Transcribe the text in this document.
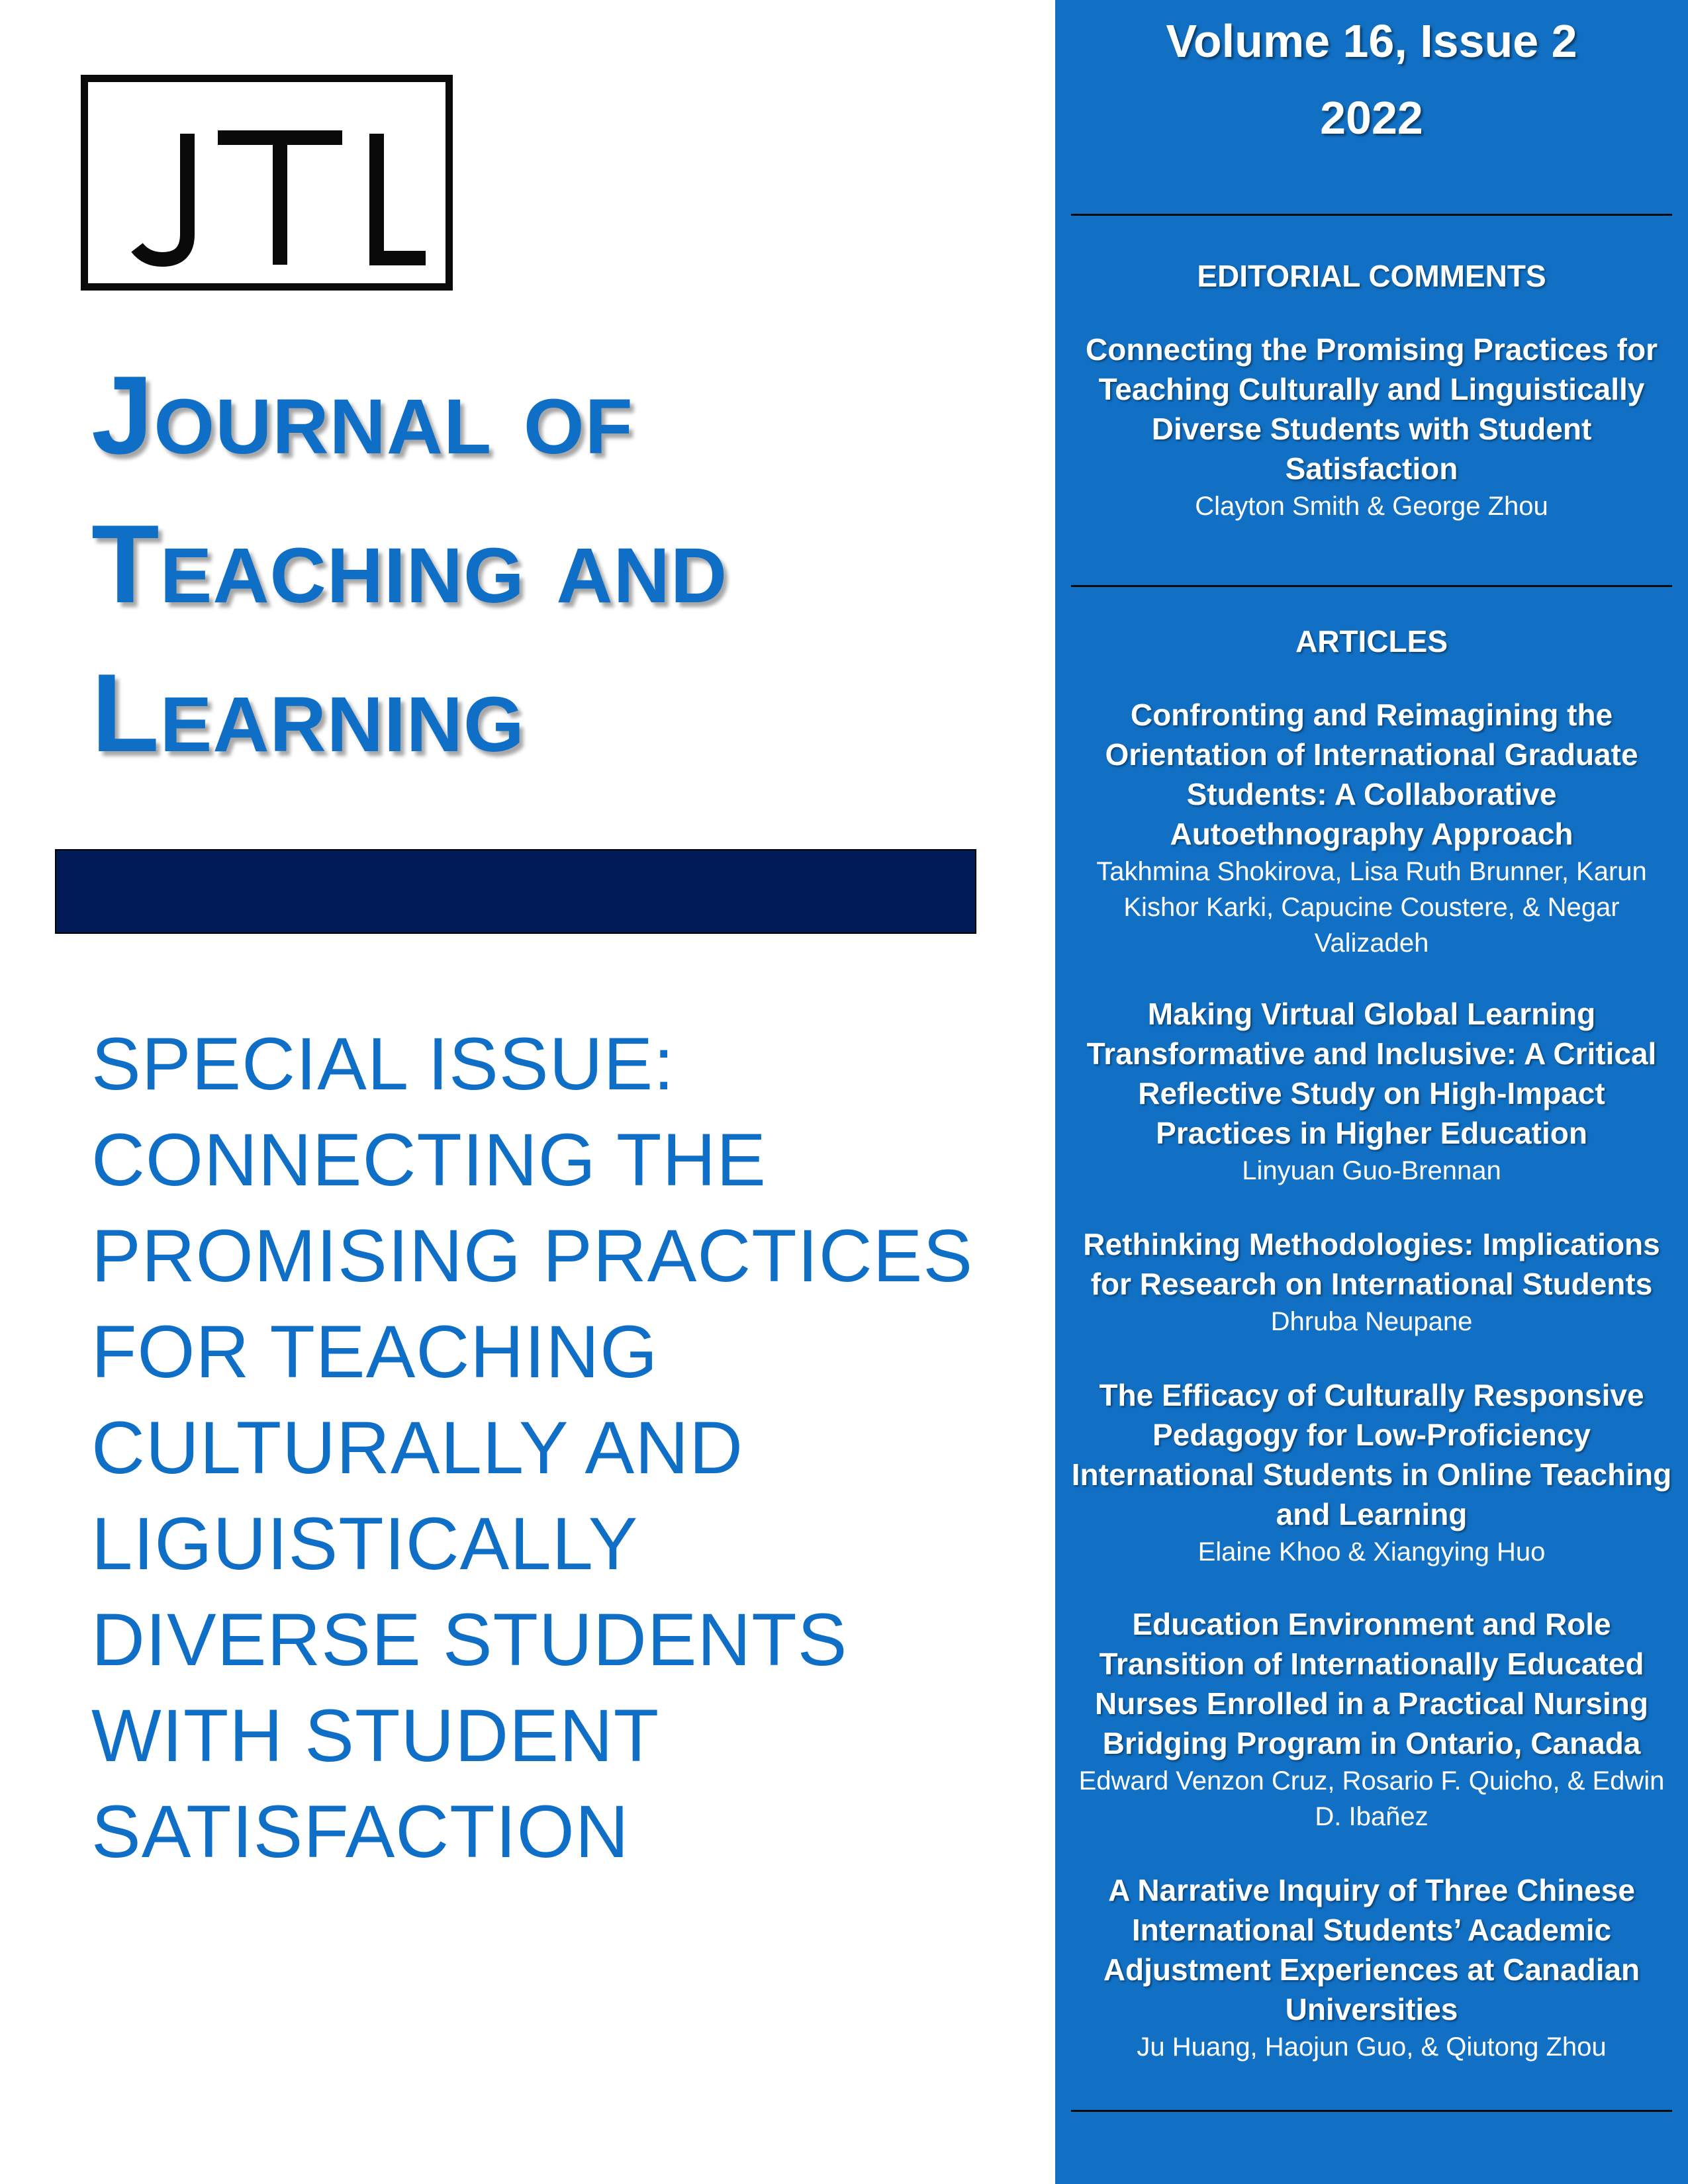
Journal of
Teaching and
Learning
SPECIAL ISSUE:
CONNECTING THE
PROMISING PRACTICES
FOR TEACHING
CULTURALLY AND
LIGUISTICALLY
DIVERSE STUDENTS
WITH STUDENT
SATISFACTION
Volume 16, Issue 2
2022
EDITORIAL COMMENTS
Connecting the Promising Practices for Teaching Culturally and Linguistically Diverse Students with Student Satisfaction
Clayton Smith & George Zhou
ARTICLES
Confronting and Reimagining the Orientation of International Graduate Students: A Collaborative Autoethnography Approach
Takhmina Shokirova, Lisa Ruth Brunner, Karun Kishor Karki, Capucine Coustere, & Negar Valizadeh
Making Virtual Global Learning Transformative and Inclusive: A Critical Reflective Study on High-Impact Practices in Higher Education
Linyuan Guo-Brennan
Rethinking Methodologies: Implications for Research on International Students
Dhruba Neupane
The Efficacy of Culturally Responsive Pedagogy for Low-Proficiency International Students in Online Teaching and Learning
Elaine Khoo & Xiangying Huo
Education Environment and Role Transition of Internationally Educated Nurses Enrolled in a Practical Nursing Bridging Program in Ontario, Canada
Edward Venzon Cruz, Rosario F. Quicho, & Edwin D. Ibañez
A Narrative Inquiry of Three Chinese International Students’ Academic Adjustment Experiences at Canadian Universities
Ju Huang, Haojun Guo, & Qiutong Zhou
